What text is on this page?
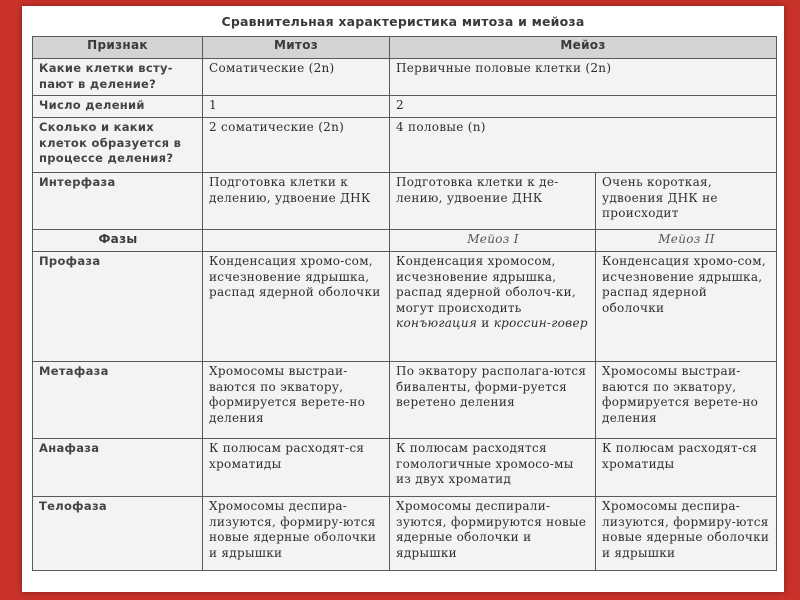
Сравнительная характеристика митоза и мейоза
Признак	Митоз	Мейоз	
Какие клетки всту-пают в деление?	Соматические (2n)	Первичные половые клетки (2n)	
Число делений	1	2	
Сколько и каких клеток образуется в процессе деления?	2 соматические (2n)	4 половые (n)	
Интерфаза	Подготовка клетки к делению, удвоение ДНК	Подготовка клетки к де-лению, удвоение ДНК	Очень короткая, удвоения ДНК не происходит
Фазы		Мейоз I	Мейоз II
Профаза	Конденсация хромо-сом, исчезновение ядрышка, распад ядерной оболочки	Конденсация хромосом, исчезновение ядрышка, распад ядерной оболоч-ки, могут происходить конъюгация и кроссин-говер	Конденсация хромо-сом, исчезновение ядрышка, распад ядерной оболочки
Метафаза	Хромосомы выстраи-ваются по экватору, формируется верете-но деления	По экватору располага-ются биваленты, форми-руется веретено деления	Хромосомы выстраи-ваются по экватору, формируется верете-но деления
Анафаза	К полюсам расходят-ся хроматиды	К полюсам расходятся гомологичные хромосо-мы из двух хроматид	К полюсам расходят-ся хроматиды
Телофаза	Хромосомы деспира-лизуются, формиру-ются новые ядерные оболочки и ядрышки	Хромосомы деспирали-зуются, формируются новые ядерные оболочки и ядрышки	Хромосомы деспира-лизуются, формиру-ются новые ядерные оболочки и ядрышки
